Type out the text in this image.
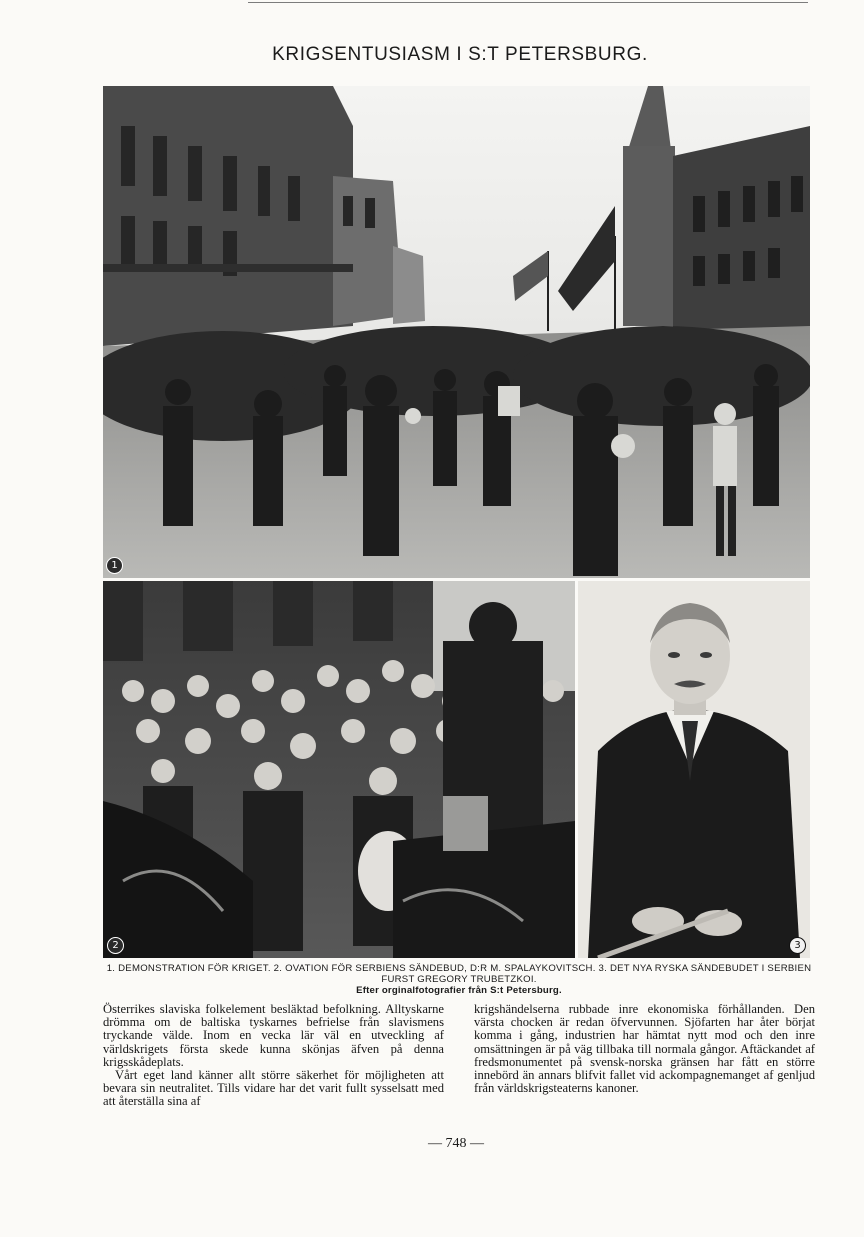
KRIGSENTUSIASM I S:T PETERSBURG.
1
2	3
1. DEMONSTRATION FÖR KRIGET. 2. OVATION FÖR SERBIENS SÄNDEBUD, D:R M. SPALAYKOVITSCH. 3. DET NYA RYSKA SÄNDEBUDET I SERBIEN FURST GREGORY TRUBETZKOI.
Efter orginalfotografier från S:t Petersburg.

Österrikes slaviska folkelement besläktad befolkning. Alltyskarne drömma om de baltiska tyskarnes befrielse från slavismens tryckande välde. Inom en vecka lär väl en utveckling af världskrigets första skede kunna skönjas äfven på denna krigsskådeplats.

Vårt eget land känner allt större säkerhet för möjligheten att bevara sin neutralitet. Tills vidare har det varit fullt sysselsatt med att återställa sina af

krigshändelserna rubbade inre ekonomiska förhållanden. Den värsta chocken är redan öfvervunnen. Sjöfarten har åter börjat komma i gång, industrien har hämtat nytt mod och den inre omsättningen är på väg tillbaka till normala gångor. Aftäckandet af fredsmonumentet på svensk-norska gränsen har fått en större innebörd än annars blifvit fallet vid ackompagnemanget af genljud från världskrigsteaterns kanoner.

— 748 —
